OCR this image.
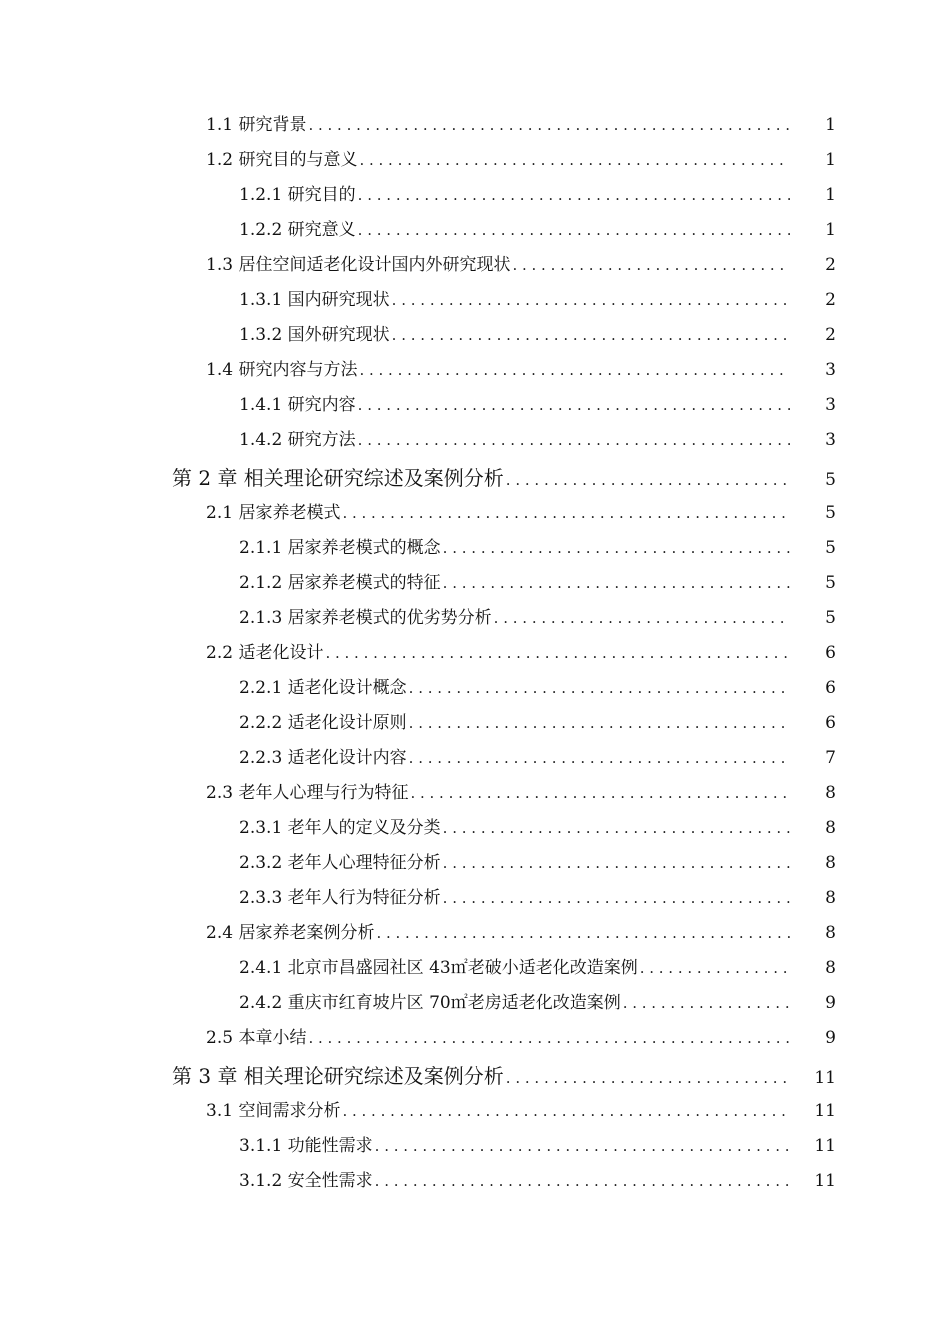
1.1 研究背景 . . .	1
1.2 研究目的与意义 . . .	1
1.2.1 研究目的 . . .	1
1.2.2 研究意义 . . .	1
1.3 居住空间适老化设计国内外研究现状 . . .	2
1.3.1 国内研究现状 . . .	2
1.3.2 国外研究现状 . . .	2
1.4 研究内容与方法 . . .	3
1.4.1 研究内容 . . .	3
1.4.2 研究方法 . . .	3
第 2 章 相关理论研究综述及案例分析 . . .	5
2.1 居家养老模式 . . .	5
2.1.1 居家养老模式的概念 . . .	5
2.1.2 居家养老模式的特征 . . .	5
2.1.3 居家养老模式的优劣势分析 . . .	5
2.2 适老化设计 . . .	6
2.2.1 适老化设计概念 . . .	6
2.2.2 适老化设计原则 . . .	6
2.2.3 适老化设计内容 . . .	7
2.3 老年人心理与行为特征 . . .	8
2.3.1 老年人的定义及分类 . . .	8
2.3.2 老年人心理特征分析 . . .	8
2.3.3 老年人行为特征分析 . . .	8
2.4 居家养老案例分析 . . .	8
2.4.1 北京市昌盛园社区 43㎡老破小适老化改造案例 . . .	8
2.4.2 重庆市红育坡片区 70㎡老房适老化改造案例 . . .	9
2.5 本章小结 . . .	9
第 3 章 相关理论研究综述及案例分析 . . .	11
3.1 空间需求分析 . . .	11
3.1.1 功能性需求 . . .	11
3.1.2 安全性需求 . . .	11
